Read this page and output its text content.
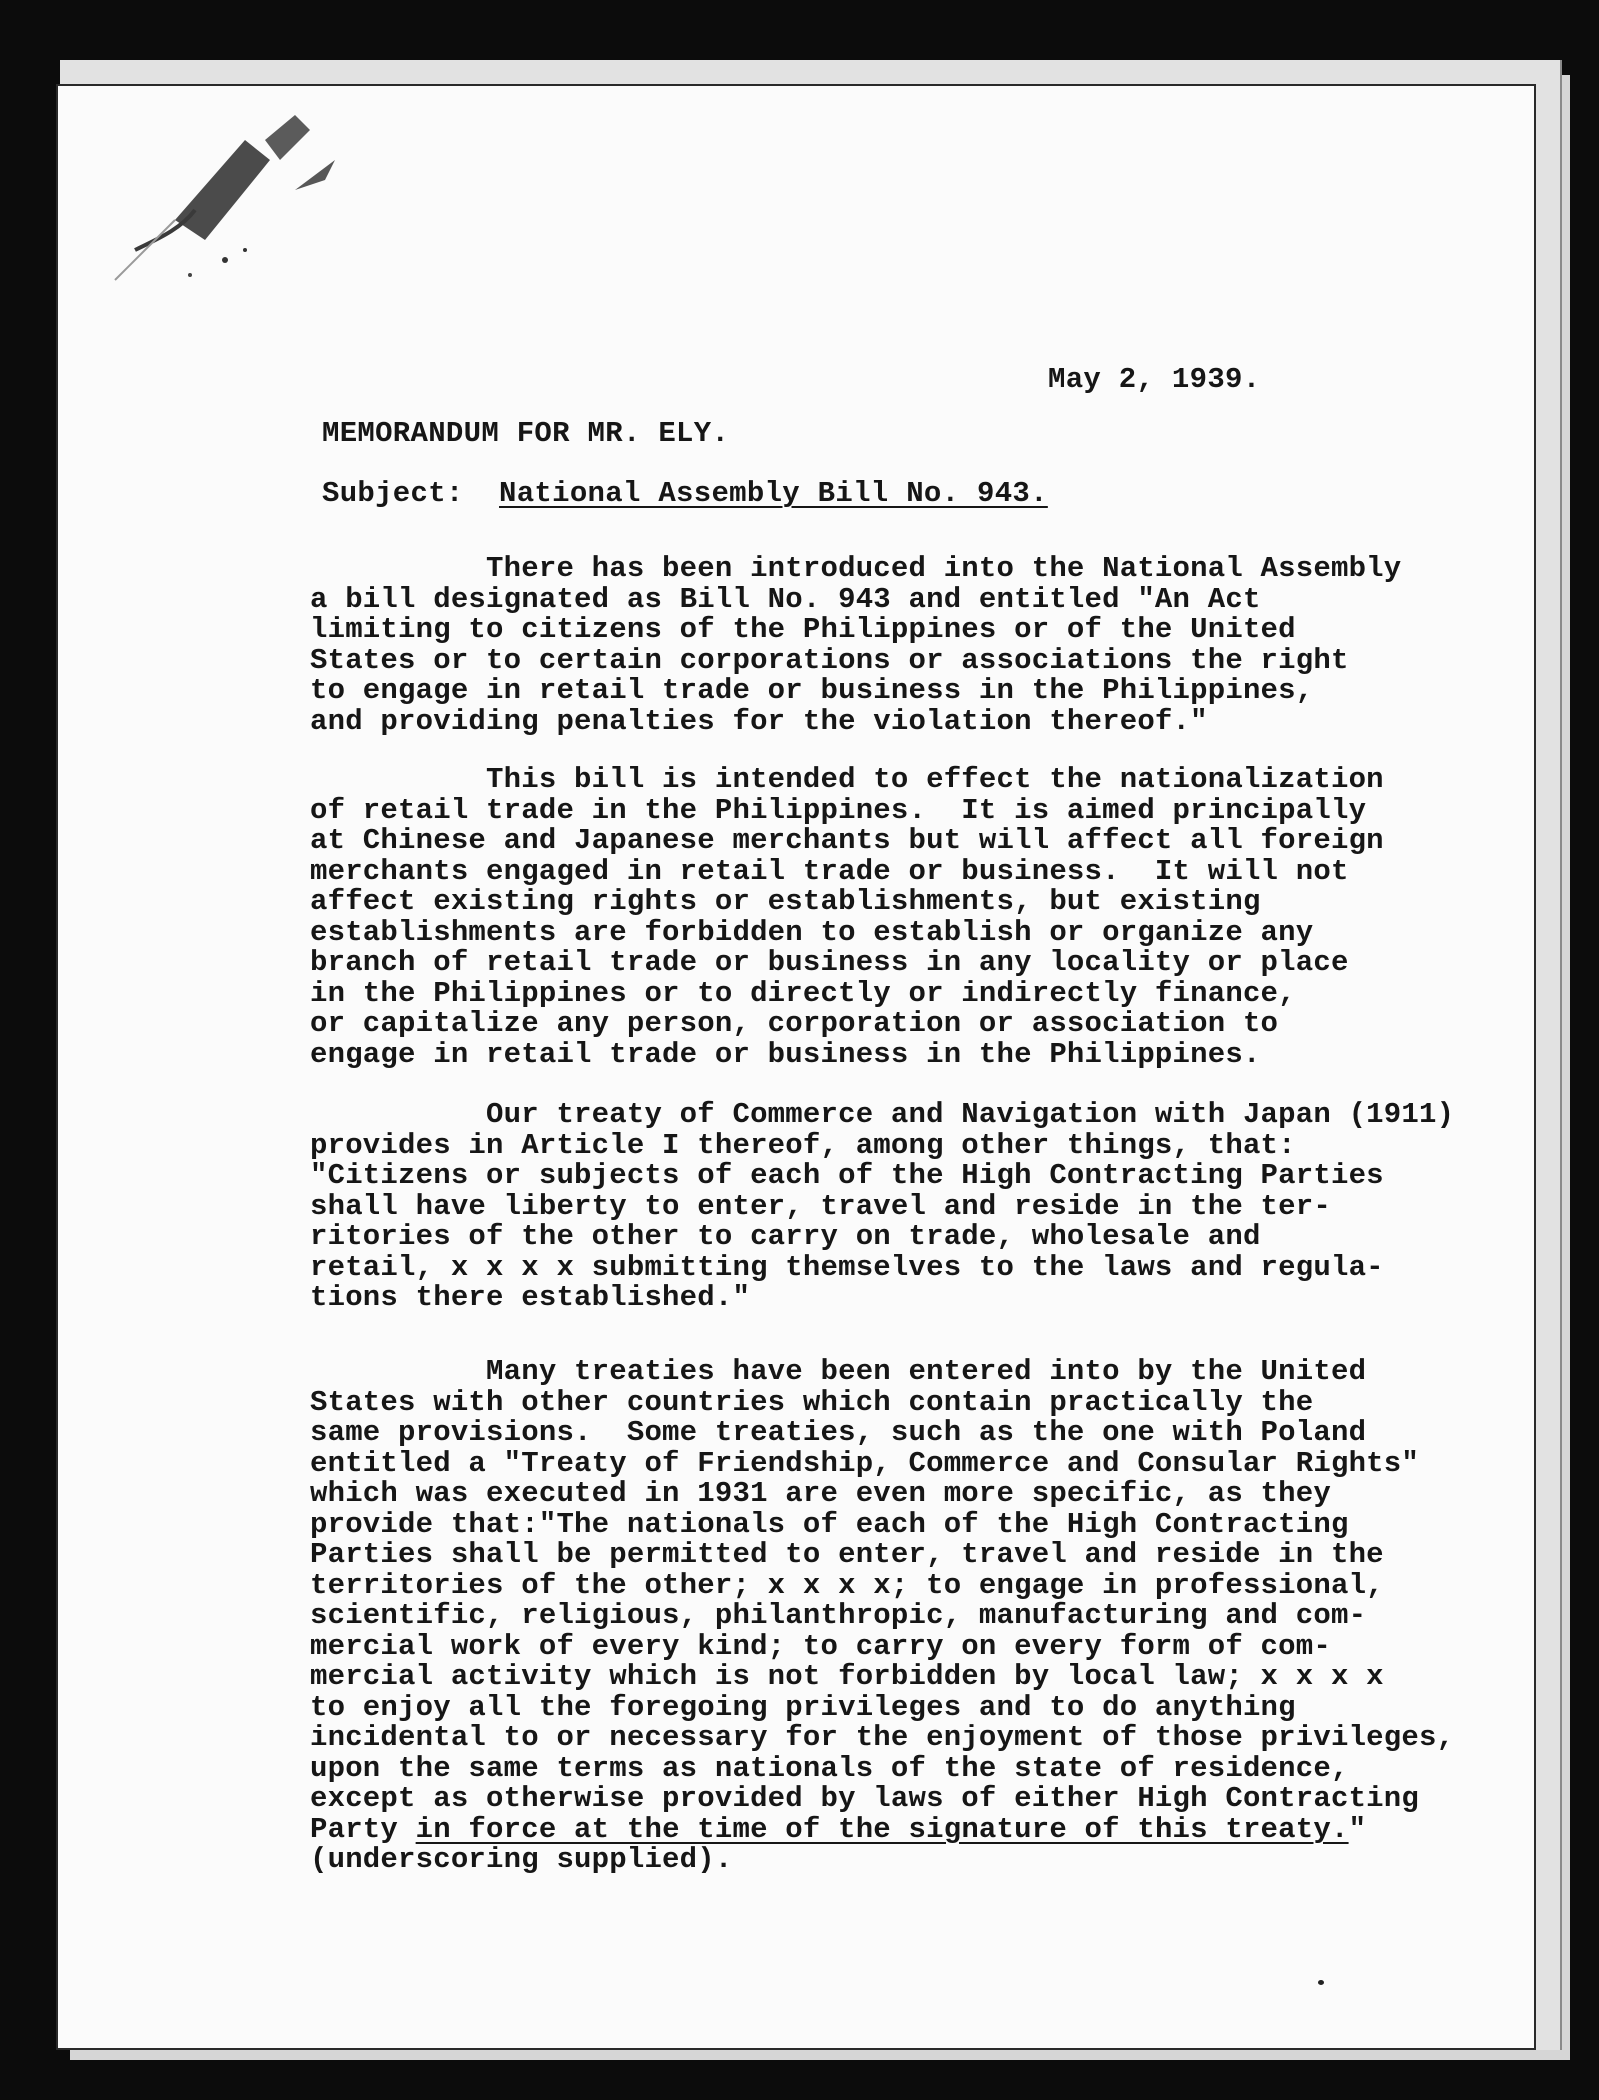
May 2, 1939.
MEMORANDUM FOR MR. ELY.
Subject: National Assembly Bill No. 943.
There has been introduced into the National Assembly
a bill designated as Bill No. 943 and entitled "An Act
limiting to citizens of the Philippines or of the United
States or to certain corporations or associations the right
to engage in retail trade or business in the Philippines,
and providing penalties for the violation thereof."
This bill is intended to effect the nationalization
of retail trade in the Philippines.  It is aimed principally
at Chinese and Japanese merchants but will affect all foreign
merchants engaged in retail trade or business.  It will not
affect existing rights or establishments, but existing
establishments are forbidden to establish or organize any
branch of retail trade or business in any locality or place
in the Philippines or to directly or indirectly finance,
or capitalize any person, corporation or association to
engage in retail trade or business in the Philippines.
Our treaty of Commerce and Navigation with Japan (1911)
provides in Article I thereof, among other things, that:
"Citizens or subjects of each of the High Contracting Parties
shall have liberty to enter, travel and reside in the ter-
ritories of the other to carry on trade, wholesale and
retail, x x x x submitting themselves to the laws and regula-
tions there established."
Many treaties have been entered into by the United
States with other countries which contain practically the
same provisions.  Some treaties, such as the one with Poland
entitled a "Treaty of Friendship, Commerce and Consular Rights"
which was executed in 1931 are even more specific, as they
provide that:"The nationals of each of the High Contracting
Parties shall be permitted to enter, travel and reside in the
territories of the other; x x x x; to engage in professional,
scientific, religious, philanthropic, manufacturing and com-
mercial work of every kind; to carry on every form of com-
mercial activity which is not forbidden by local law; x x x x
to enjoy all the foregoing privileges and to do anything
incidental to or necessary for the enjoyment of those privileges,
upon the same terms as nationals of the state of residence,
except as otherwise provided by laws of either High Contracting
Party in force at the time of the signature of this treaty."
(underscoring supplied).
